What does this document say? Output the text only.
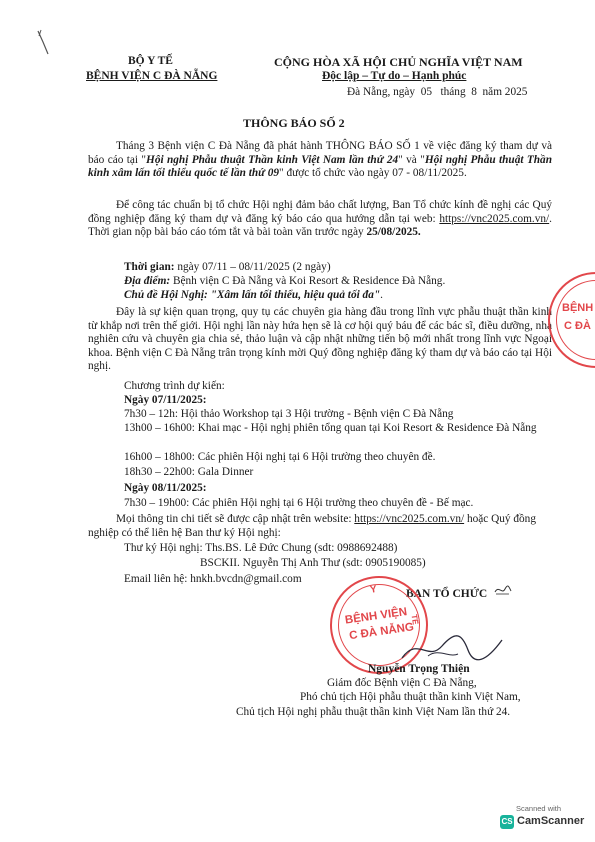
BỘ Y TẾ
BỆNH VIỆN C ĐÀ NẴNG
CỘNG HÒA XÃ HỘI CHỦ NGHĨA VIỆT NAM
Độc lập – Tự do – Hạnh phúc
Đà Nẵng, ngày  05   tháng  8  năm 2025
THÔNG BÁO SỐ 2
Tháng 3 Bệnh viện C Đà Nẵng đã phát hành THÔNG BÁO SỐ 1 về việc đăng ký tham dự và báo cáo tại "Hội nghị Phẫu thuật Thần kinh Việt Nam lần thứ 24" và "Hội nghị Phẫu thuật Thần kinh xâm lấn tối thiểu quốc tế lần thứ 09" được tổ chức vào ngày 07 - 08/11/2025.
Để công tác chuẩn bị tổ chức Hội nghị đảm bảo chất lượng, Ban Tổ chức kính đề nghị các Quý đồng nghiệp đăng ký tham dự và đăng ký báo cáo qua hướng dẫn tại web: https://vnc2025.com.vn/. Thời gian nộp bài báo cáo tóm tắt và bài toàn văn trước ngày 25/08/2025.
Thời gian: ngày 07/11 – 08/11/2025 (2 ngày)
Địa điểm: Bệnh viện C Đà Nẵng và Koi Resort & Residence Đà Nẵng.
Chủ đề Hội Nghị: "Xâm lấn tối thiểu, hiệu quả tối đa".
Đây là sự kiện quan trọng, quy tụ các chuyên gia hàng đầu trong lĩnh vực phẫu thuật thần kinh từ khắp nơi trên thế giới. Hội nghị lần này hứa hẹn sẽ là cơ hội quý báu để các bác sĩ, điều dưỡng, nhà nghiên cứu và chuyên gia chia sẻ, thảo luận và cập nhật những tiến bộ mới nhất trong lĩnh vực Ngoại khoa. Bệnh viện C Đà Nẵng trân trọng kính mời Quý đồng nghiệp đăng ký tham dự và báo cáo tại Hội nghị.
Chương trình dự kiến:
Ngày 07/11/2025:
7h30 – 12h: Hội thảo Workshop tại 3 Hội trường - Bệnh viện C Đà Nẵng
13h00 – 16h00: Khai mạc - Hội nghị phiên tổng quan tại Koi Resort & Residence Đà Nẵng
16h00 – 18h00: Các phiên Hội nghị tại 6 Hội trường theo chuyên đề.
18h30 – 22h00: Gala Dinner
Ngày 08/11/2025:
7h30 – 19h00: Các phiên Hội nghị tại 6 Hội trường theo chuyên đề - Bế mạc.
Mọi thông tin chi tiết sẽ được cập nhật trên website: https://vnc2025.com.vn/ hoặc Quý đồng nghiệp có thể liên hệ Ban thư ký Hội nghị:
Thư ký Hội nghị: Ths.BS. Lê Đức Chung (sdt: 0988692488)
BSCKII. Nguyễn Thị Anh Thư (sdt: 0905190085)
Email liên hệ: hnkh.bvcdn@gmail.com
BAN TỔ CHỨC
Y
TẾ
BỆNH VIỆN
C ĐÀ NẴNG
Nguyễn Trọng Thiện
Giám đốc Bệnh viện C Đà Nẵng,
Phó chủ tịch Hội phẫu thuật thần kinh Việt Nam,
Chủ tịch Hội nghị phẫu thuật thần kinh Việt Nam lần thứ 24.
BỆNH
C ĐÀ
Scanned with
CS CamScanner
